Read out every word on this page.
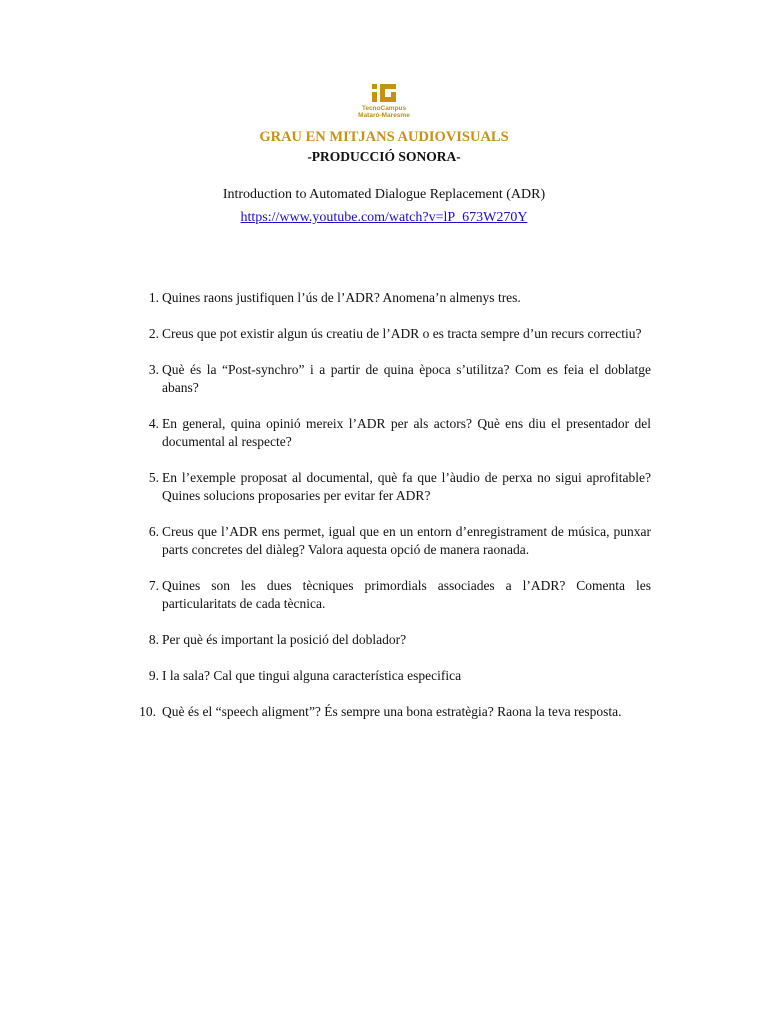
TecnoCampus
Mataró-Maresme
GRAU EN MITJANS AUDIOVISUALS
-PRODUCCIÓ SONORA-
Introduction to Automated Dialogue Replacement (ADR)
https://www.youtube.com/watch?v=lP_673W270Y
1. Quines raons justifiquen l’ús de l’ADR? Anomena’n almenys tres.
2. Creus que pot existir algun ús creatiu de l’ADR o es tracta sempre d’un recurs correctiu?
3. Què és la “Post-synchro” i a partir de quina època s’utilitza? Com es feia el doblatge abans?
4. En general, quina opinió mereix l’ADR per als actors? Què ens diu el presentador del documental al respecte?
5. En l’exemple proposat al documental, què fa que l’àudio de perxa no sigui aprofitable? Quines solucions proposaries per evitar fer ADR?
6. Creus que l’ADR ens permet, igual que en un entorn d’enregistrament de música, punxar parts concretes del diàleg? Valora aquesta opció de manera raonada.
7. Quines son les dues tècniques primordials associades a l’ADR? Comenta les particularitats de cada tècnica.
8. Per què és important la posició del doblador?
9. I la sala? Cal que tingui alguna característica especifica
10. Què és el “speech aligment”? És sempre una bona estratègia? Raona la teva resposta.
